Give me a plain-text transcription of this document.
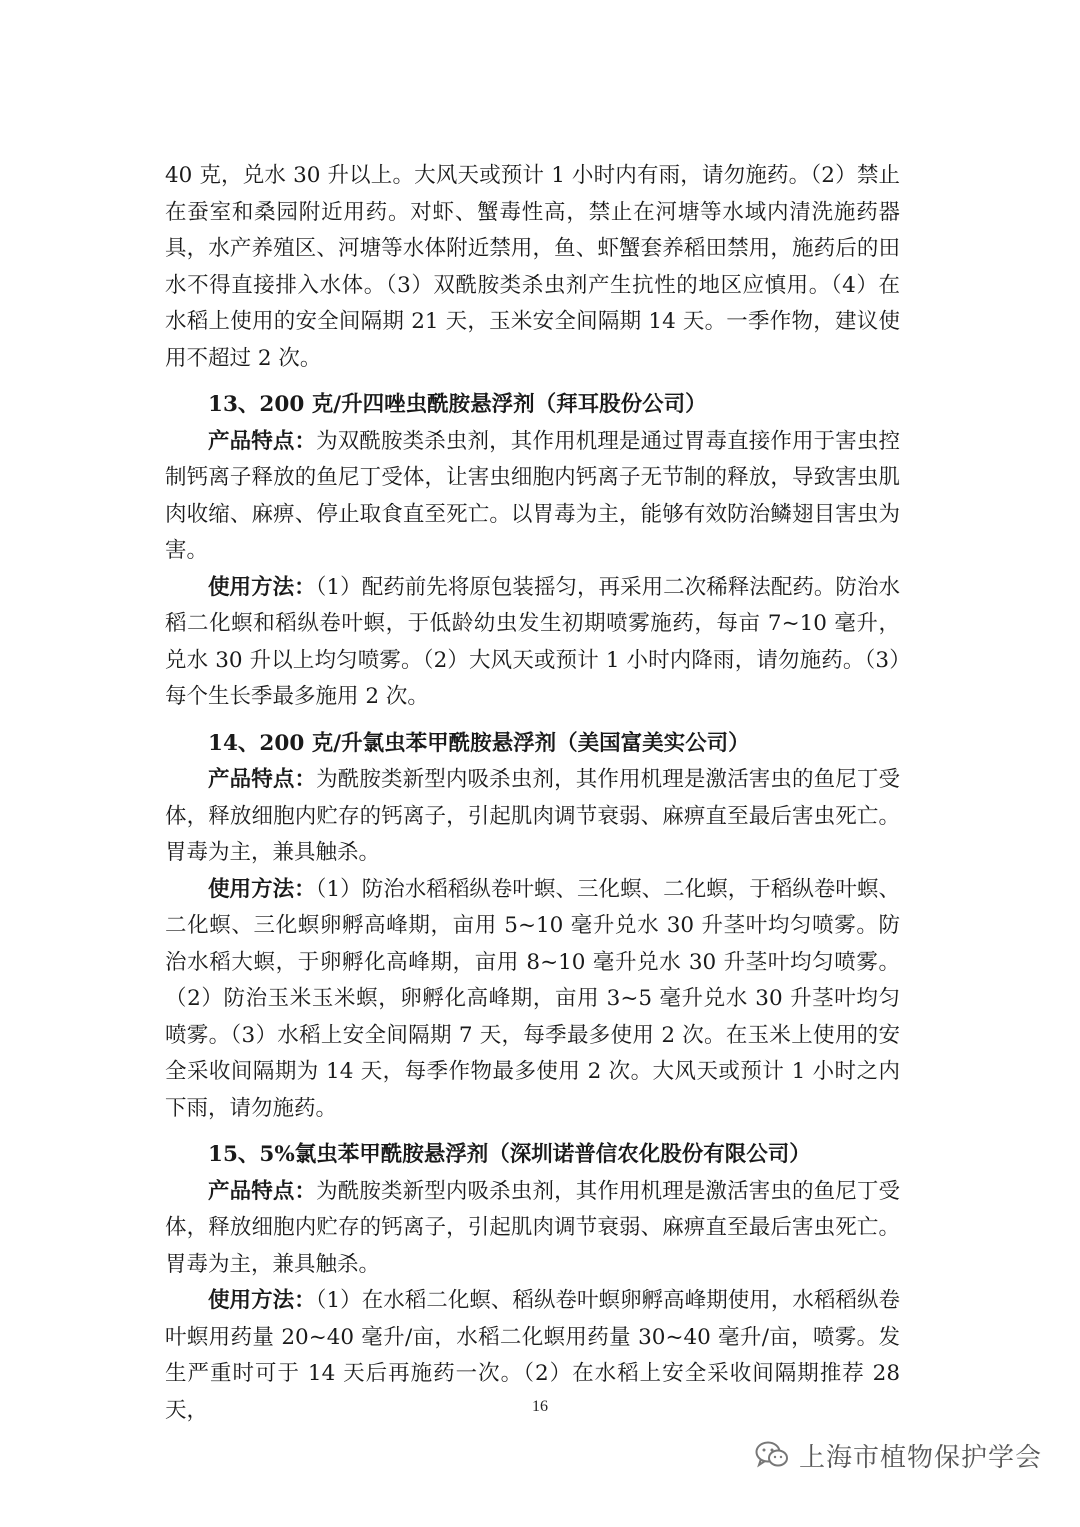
40 克，兑水 30 升以上。大风天或预计 1 小时内有雨，请勿施药。（2）禁止在蚕室和桑园附近用药。对虾、蟹毒性高，禁止在河塘等水域内清洗施药器具，水产养殖区、河塘等水体附近禁用，鱼、虾蟹套养稻田禁用，施药后的田水不得直接排入水体。（3）双酰胺类杀虫剂产生抗性的地区应慎用。（4）在水稻上使用的安全间隔期 21 天，玉米安全间隔期 14 天。一季作物，建议使用不超过 2 次。

13、200 克/升四唑虫酰胺悬浮剂（拜耳股份公司）

产品特点：为双酰胺类杀虫剂，其作用机理是通过胃毒直接作用于害虫控制钙离子释放的鱼尼丁受体，让害虫细胞内钙离子无节制的释放，导致害虫肌肉收缩、麻痹、停止取食直至死亡。以胃毒为主，能够有效防治鳞翅目害虫为害。

使用方法：（1）配药前先将原包装摇匀，再采用二次稀释法配药。防治水稻二化螟和稻纵卷叶螟，于低龄幼虫发生初期喷雾施药，每亩 7~10 毫升，兑水 30 升以上均匀喷雾。（2）大风天或预计 1 小时内降雨，请勿施药。（3）每个生长季最多施用 2 次。

14、200 克/升氯虫苯甲酰胺悬浮剂（美国富美实公司）

产品特点：为酰胺类新型内吸杀虫剂，其作用机理是激活害虫的鱼尼丁受体，释放细胞内贮存的钙离子，引起肌肉调节衰弱、麻痹直至最后害虫死亡。胃毒为主，兼具触杀。

使用方法：（1）防治水稻稻纵卷叶螟、三化螟、二化螟，于稻纵卷叶螟、二化螟、三化螟卵孵高峰期，亩用 5~10 毫升兑水 30 升茎叶均匀喷雾。防治水稻大螟，于卵孵化高峰期，亩用 8~10 毫升兑水 30 升茎叶均匀喷雾。（2）防治玉米玉米螟，卵孵化高峰期，亩用 3~5 毫升兑水 30 升茎叶均匀喷雾。（3）水稻上安全间隔期 7 天，每季最多使用 2 次。在玉米上使用的安全采收间隔期为 14 天，每季作物最多使用 2 次。大风天或预计 1 小时之内下雨，请勿施药。

15、5%氯虫苯甲酰胺悬浮剂（深圳诺普信农化股份有限公司）

产品特点：为酰胺类新型内吸杀虫剂，其作用机理是激活害虫的鱼尼丁受体，释放细胞内贮存的钙离子，引起肌肉调节衰弱、麻痹直至最后害虫死亡。胃毒为主，兼具触杀。

使用方法：（1）在水稻二化螟、稻纵卷叶螟卵孵高峰期使用，水稻稻纵卷叶螟用药量 20~40 毫升/亩，水稻二化螟用药量 30~40 毫升/亩，喷雾。发生严重时可于 14 天后再施药一次。（2）在水稻上安全采收间隔期推荐 28 天，	16
上海市植物保护学会
